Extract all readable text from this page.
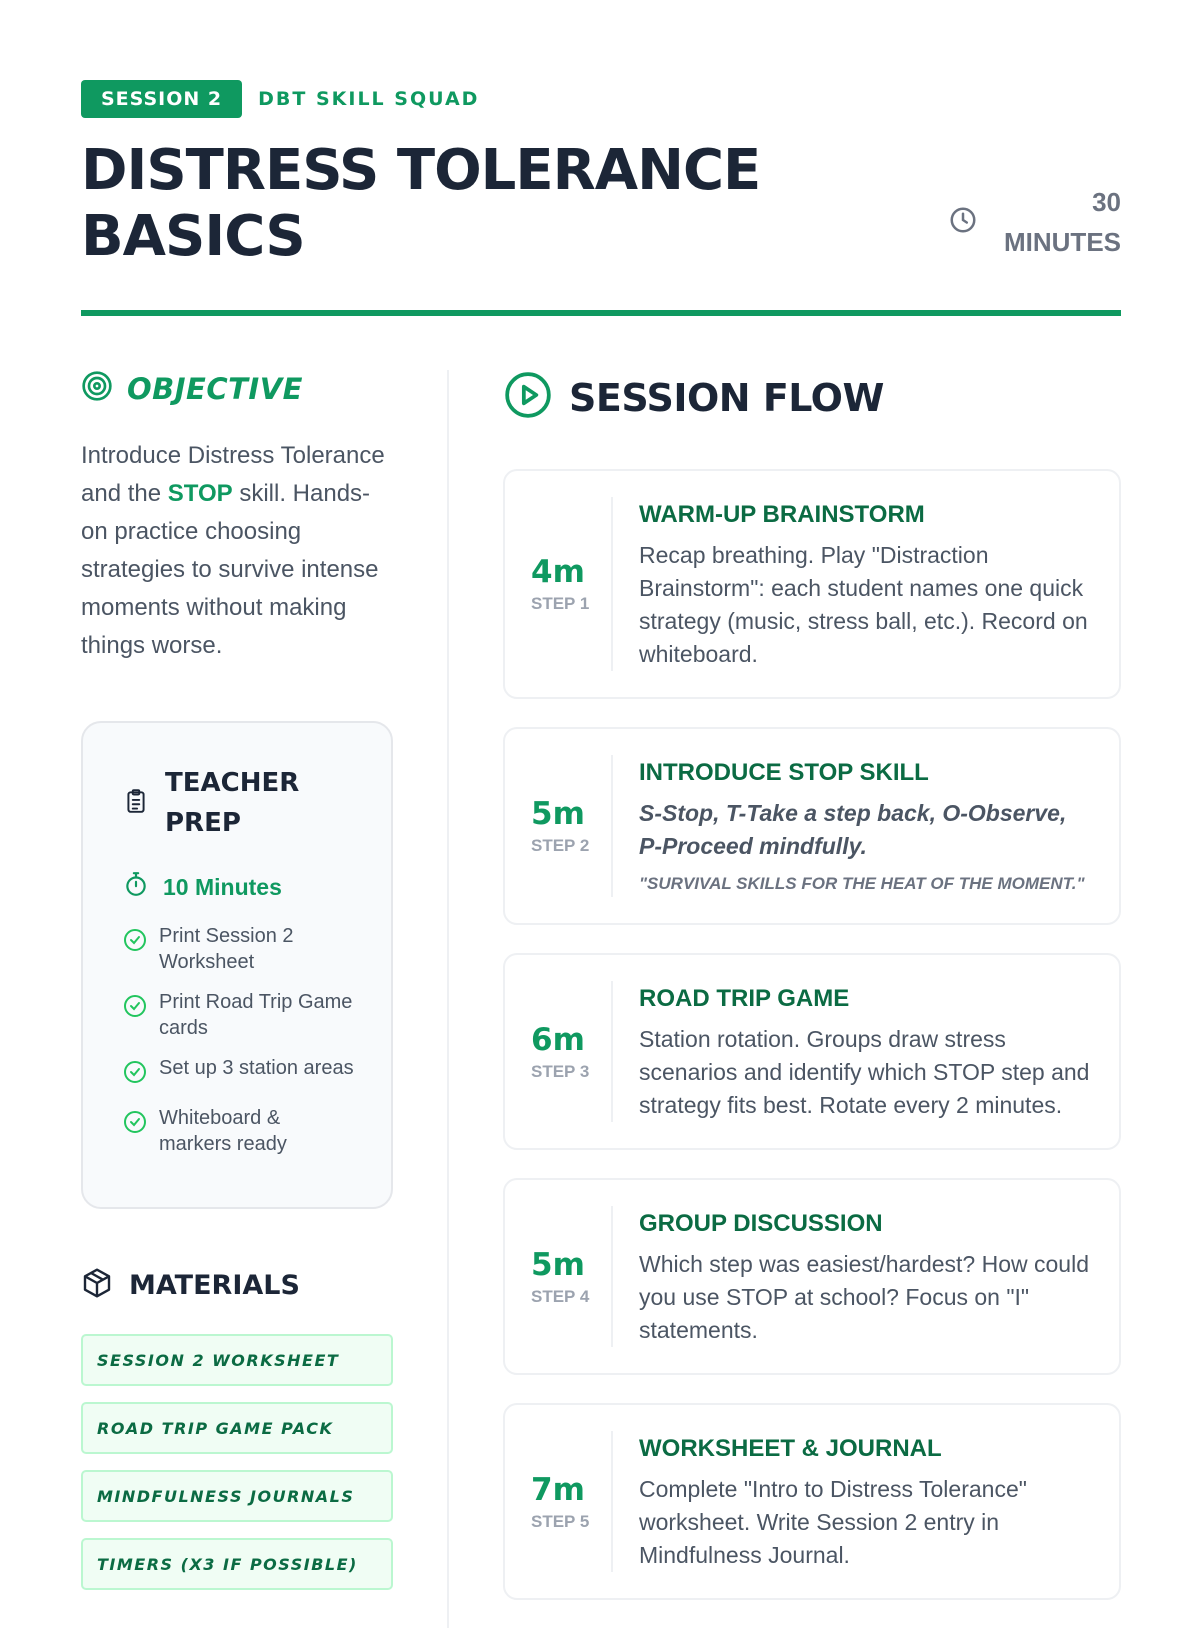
SESSION 2	DBT SKILL SQUAD
DISTRESS TOLERANCE BASICS
30
MINUTES
OBJECTIVE

Introduce Distress Tolerance and the STOP skill. Hands-on practice choosing strategies to survive intense moments without making things worse.

TEACHER PREP
10 Minutes
Print Session 2 Worksheet
Print Road Trip Game cards
Set up 3 station areas
Whiteboard & markers ready
MATERIALS
SESSION 2 WORKSHEET
ROAD TRIP GAME PACK
MINDFULNESS JOURNALS
TIMERS (X3 IF POSSIBLE)
SESSION FLOW
4m
STEP 1
WARM-UP BRAINSTORM
Recap breathing. Play "Distraction Brainstorm": each student names one quick strategy (music, stress ball, etc.). Record on whiteboard.
5m
STEP 2
INTRODUCE STOP SKILL
S-Stop, T-Take a step back, O-Observe, P-Proceed mindfully.
"SURVIVAL SKILLS FOR THE HEAT OF THE MOMENT."
6m
STEP 3
ROAD TRIP GAME
Station rotation. Groups draw stress scenarios and identify which STOP step and strategy fits best. Rotate every 2 minutes.
5m
STEP 4
GROUP DISCUSSION
Which step was easiest/hardest? How could you use STOP at school? Focus on "I" statements.
7m
STEP 5
WORKSHEET & JOURNAL
Complete "Intro to Distress Tolerance" worksheet. Write Session 2 entry in Mindfulness Journal.
